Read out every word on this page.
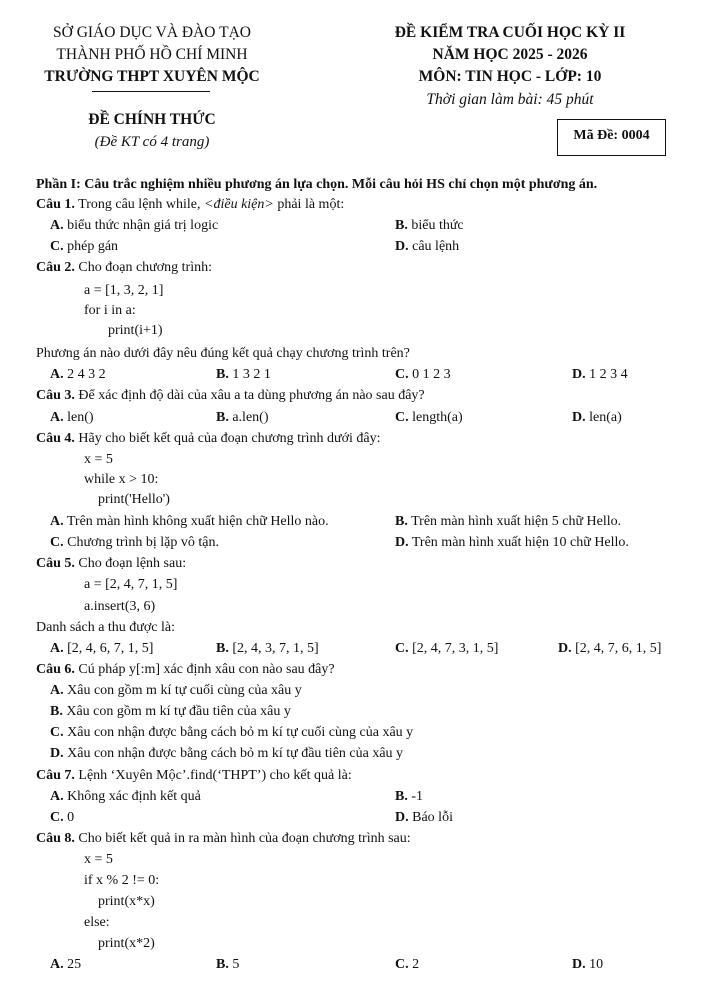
SỞ GIÁO DỤC VÀ ĐÀO TẠO
THÀNH PHỐ HỒ CHÍ MINH
TRƯỜNG THPT XUYÊN MỘC
ĐỀ KIỂM TRA CUỐI HỌC KỲ II
NĂM HỌC 2025 - 2026
MÔN: TIN HỌC - LỚP: 10
Thời gian làm bài: 45 phút
ĐỀ CHÍNH THỨC
(Đề KT có 4 trang)	Mã Đề: 0004
Phần I: Câu trắc nghiệm nhiều phương án lựa chọn. Mỗi câu hỏi HS chỉ chọn một phương án.
Câu 1. Trong câu lệnh while, <điều kiện> phải là một:
A. biểu thức nhận giá trị logic	B. biểu thức
C. phép gán	D. câu lệnh
Câu 2. Cho đoạn chương trình:
a = [1, 3, 2, 1]
for i in a:
print(i+1)
Phương án nào dưới đây nêu đúng kết quả chạy chương trình trên?
A. 2 4 3 2	B. 1 3 2 1	C. 0 1 2 3	D. 1 2 3 4
Câu 3. Để xác định độ dài của xâu a ta dùng phương án nào sau đây?
A. len()	B. a.len()	C. length(a)	D. len(a)
Câu 4. Hãy cho biết kết quả của đoạn chương trình dưới đây:
x = 5
while x > 10:
print('Hello')
A. Trên màn hình không xuất hiện chữ Hello nào.	B. Trên màn hình xuất hiện 5 chữ Hello.
C. Chương trình bị lặp vô tận.	D. Trên màn hình xuất hiện 10 chữ Hello.
Câu 5. Cho đoạn lệnh sau:
a = [2, 4, 7, 1, 5]
a.insert(3, 6)
Danh sách a thu được là:
A. [2, 4, 6, 7, 1, 5]	B. [2, 4, 3, 7, 1, 5]	C. [2, 4, 7, 3, 1, 5]	D. [2, 4, 7, 6, 1, 5]
Câu 6. Cú pháp y[:m] xác định xâu con nào sau đây?
A. Xâu con gồm m kí tự cuối cùng của xâu y
B. Xâu con gồm m kí tự đầu tiên của xâu y
C. Xâu con nhận được bằng cách bỏ m kí tự cuối cùng của xâu y
D. Xâu con nhận được bằng cách bỏ m kí tự đầu tiên của xâu y
Câu 7. Lệnh ‘Xuyên Mộc’.find(‘THPT’) cho kết quả là:
A. Không xác định kết quả	B. -1
C. 0	D. Báo lỗi
Câu 8. Cho biết kết quả in ra màn hình của đoạn chương trình sau:
x = 5
if x % 2 != 0:
print(x*x)
else:
print(x*2)
A. 25	B. 5	C. 2	D. 10
